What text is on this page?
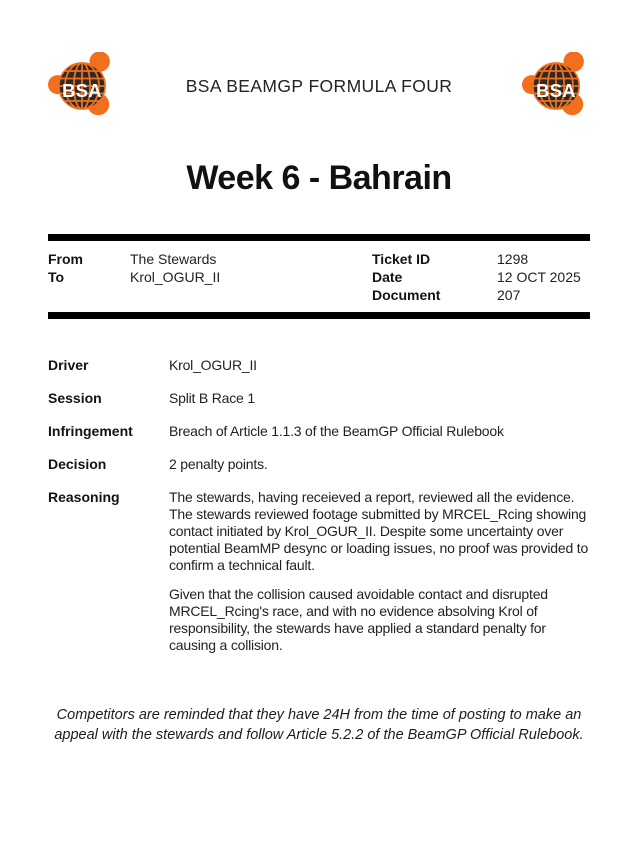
BSA BEAMGP FORMULA FOUR
Week 6 - Bahrain
From	The Stewards
To	Krol_OGUR_II
Ticket ID	1298
Date	12 OCT 2025
Document	207
Driver	Krol_OGUR_II
Session	Split B Race 1
Infringement	Breach of Article 1.1.3 of the BeamGP Official Rulebook
Decision	2 penalty points.
Reasoning	The stewards, having receieved a report, reviewed all the evidence. The stewards reviewed footage submitted by MRCEL_Rcing showing contact initiated by Krol_OGUR_II. Despite some uncertainty over potential BeamMP desync or loading issues, no proof was provided to confirm a technical fault.

Given that the collision caused avoidable contact and disrupted MRCEL_Rcing's race, and with no evidence absolving Krol of responsibility, the stewards have applied a standard penalty for causing a collision.

Competitors are reminded that they have 24H from the time of posting to make an appeal with the stewards and follow Article 5.2.2 of the BeamGP Official Rulebook.
